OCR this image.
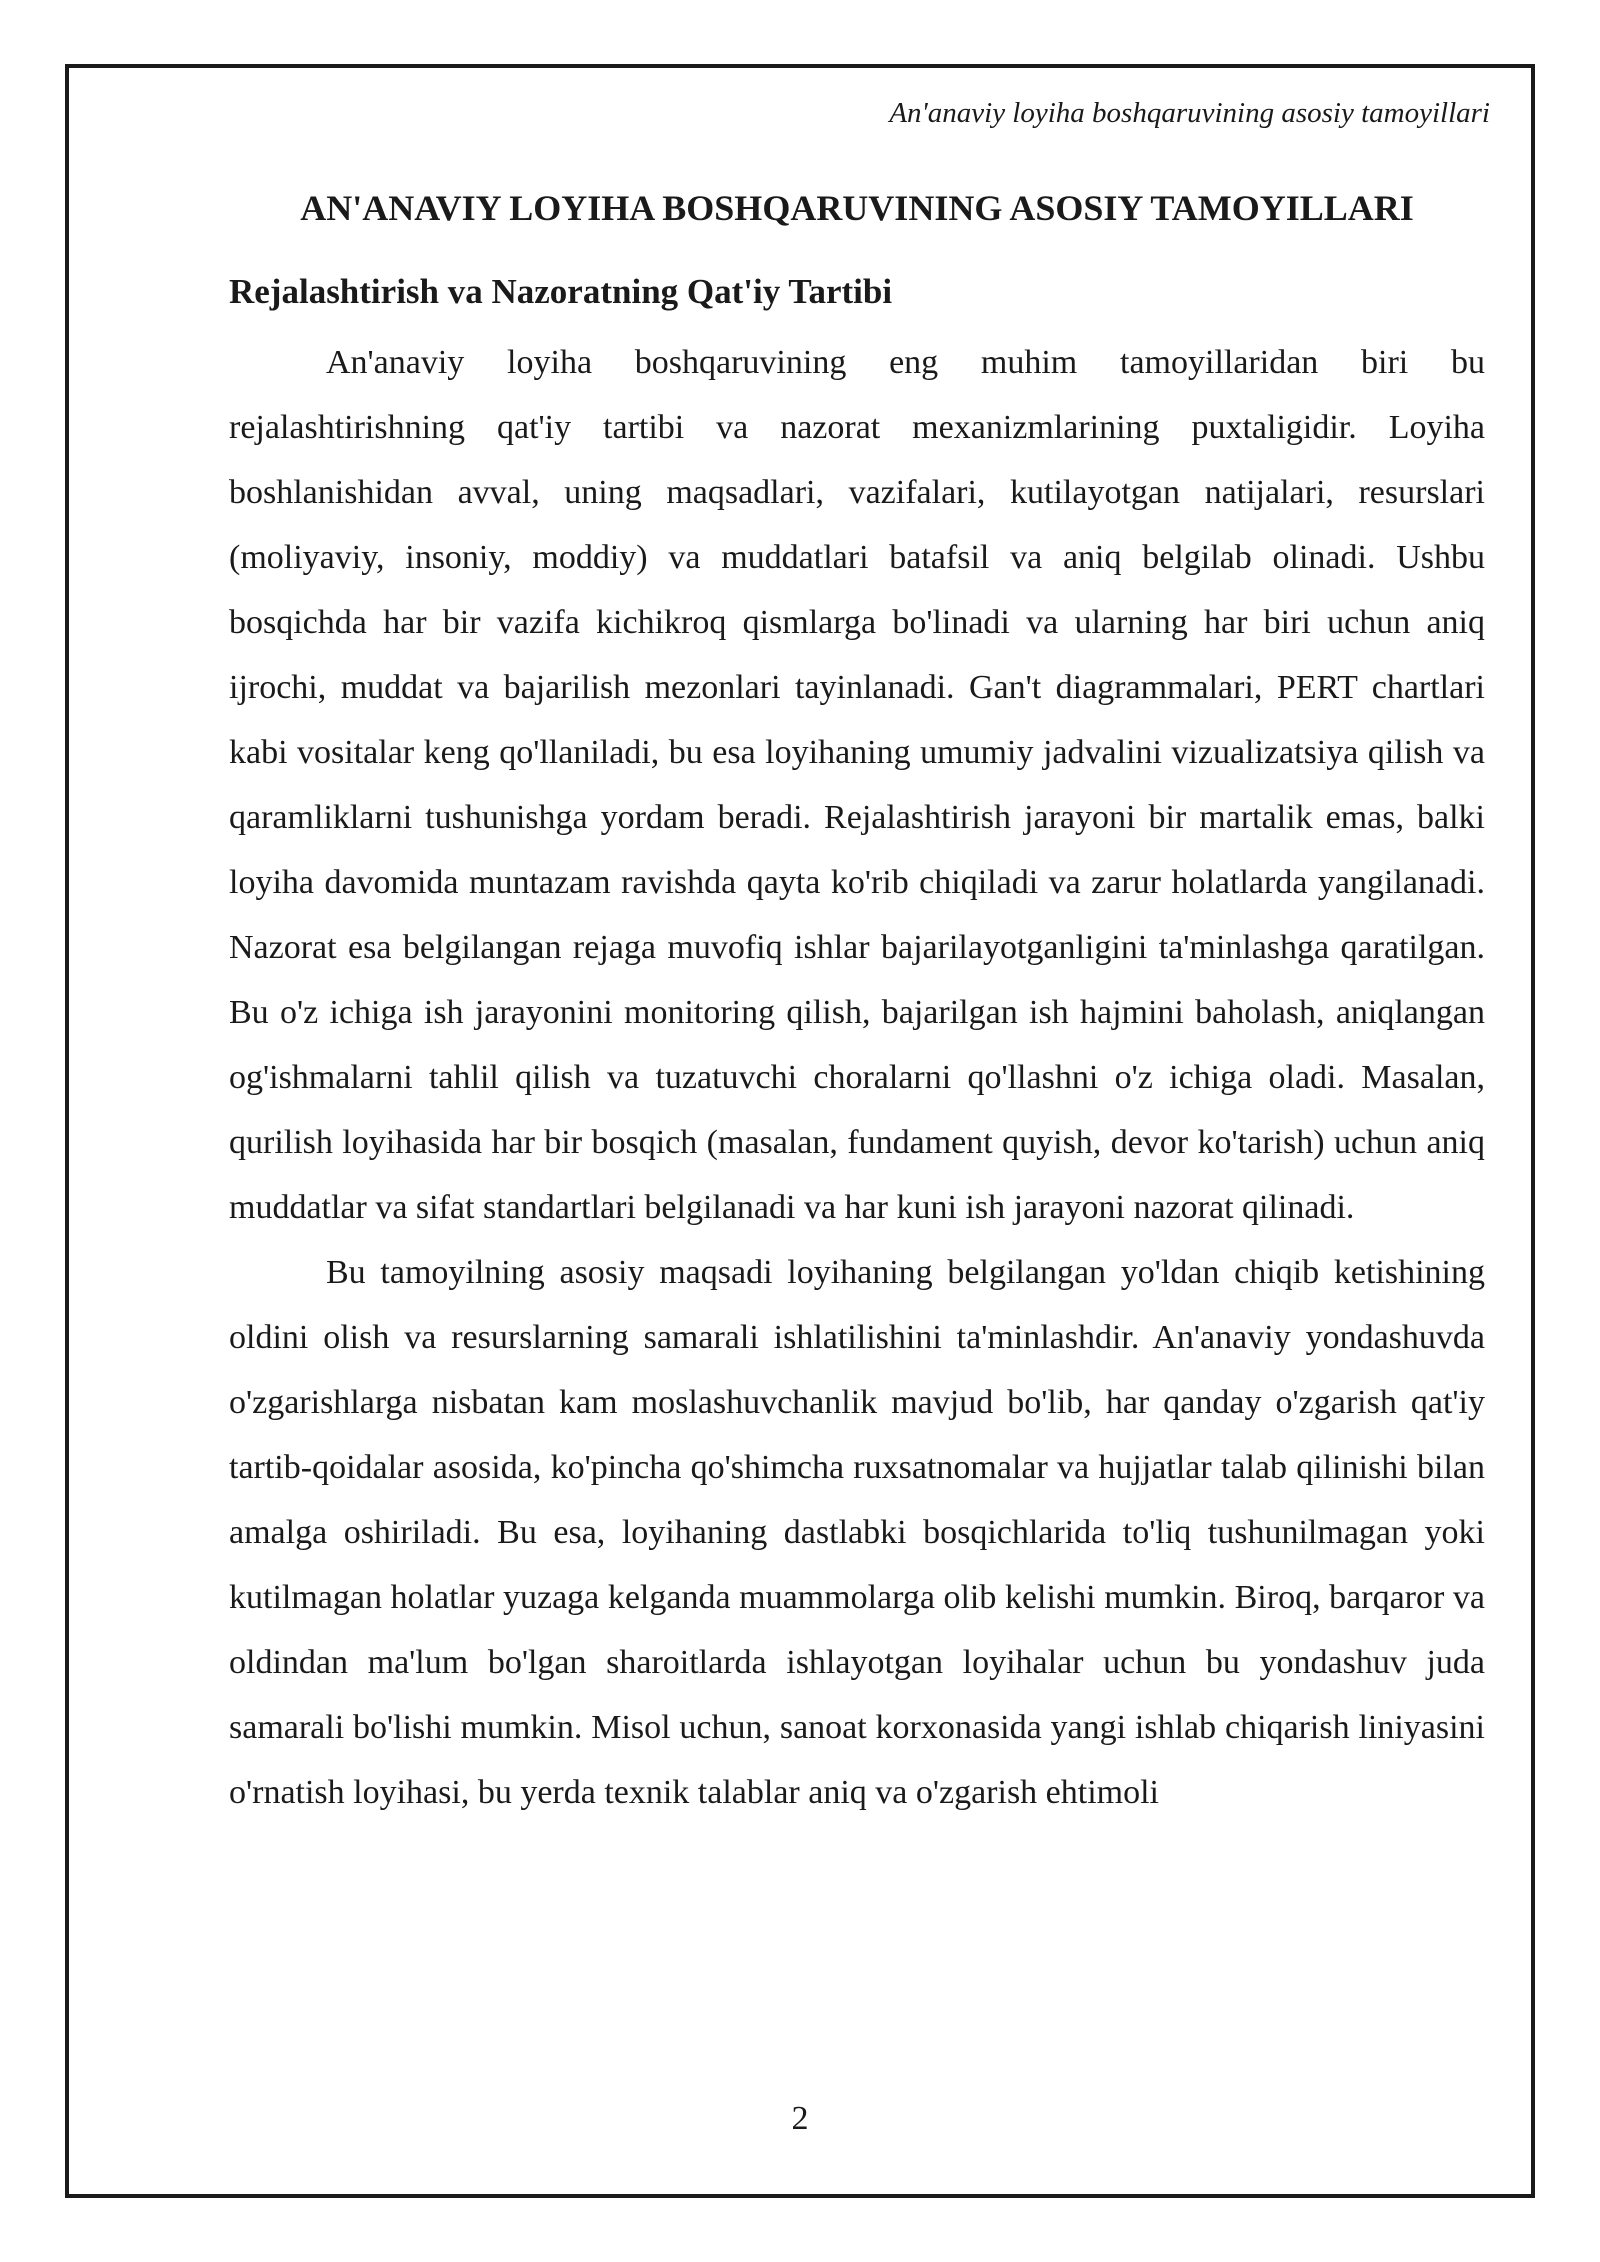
An'anaviy loyiha boshqaruvining asosiy tamoyillari
AN'ANAVIY LOYIHA BOSHQARUVINING ASOSIY TAMOYILLARI
Rejalashtirish va Nazoratning Qat'iy Tartibi

An'anaviy loyiha boshqaruvining eng muhim tamoyillaridan biri bu rejalashtirishning qat'iy tartibi va nazorat mexanizmlarining puxtaligidir. Loyiha boshlanishidan avval, uning maqsadlari, vazifalari, kutilayotgan natijalari, resurslari (moliyaviy, insoniy, moddiy) va muddatlari batafsil va aniq belgilab olinadi. Ushbu bosqichda har bir vazifa kichikroq qismlarga bo'linadi va ularning har biri uchun aniq ijrochi, muddat va bajarilish mezonlari tayinlanadi. Gan't diagrammalari, PERT chartlari kabi vositalar keng qo'llaniladi, bu esa loyihaning umumiy jadvalini vizualizatsiya qilish va qaramliklarni tushunishga yordam beradi. Rejalashtirish jarayoni bir martalik emas, balki loyiha davomida muntazam ravishda qayta ko'rib chiqiladi va zarur holatlarda yangilanadi. Nazorat esa belgilangan rejaga muvofiq ishlar bajarilayotganligini ta'minlashga qaratilgan. Bu o'z ichiga ish jarayonini monitoring qilish, bajarilgan ish hajmini baholash, aniqlangan og'ishmalarni tahlil qilish va tuzatuvchi choralarni qo'llashni o'z ichiga oladi. Masalan, qurilish loyihasida har bir bosqich (masalan, fundament quyish, devor ko'tarish) uchun aniq muddatlar va sifat standartlari belgilanadi va har kuni ish jarayoni nazorat qilinadi.

Bu tamoyilning asosiy maqsadi loyihaning belgilangan yo'ldan chiqib ketishining oldini olish va resurslarning samarali ishlatilishini ta'minlashdir. An'anaviy yondashuvda o'zgarishlarga nisbatan kam moslashuvchanlik mavjud bo'lib, har qanday o'zgarish qat'iy tartib-qoidalar asosida, ko'pincha qo'shimcha ruxsatnomalar va hujjatlar talab qilinishi bilan amalga oshiriladi. Bu esa, loyihaning dastlabki bosqichlarida to'liq tushunilmagan yoki kutilmagan holatlar yuzaga kelganda muammolarga olib kelishi mumkin. Biroq, barqaror va oldindan ma'lum bo'lgan sharoitlarda ishlayotgan loyihalar uchun bu yondashuv juda samarali bo'lishi mumkin. Misol uchun, sanoat korxonasida yangi ishlab chiqarish liniyasini o'rnatish loyihasi, bu yerda texnik talablar aniq va o'zgarish ehtimoli

2
